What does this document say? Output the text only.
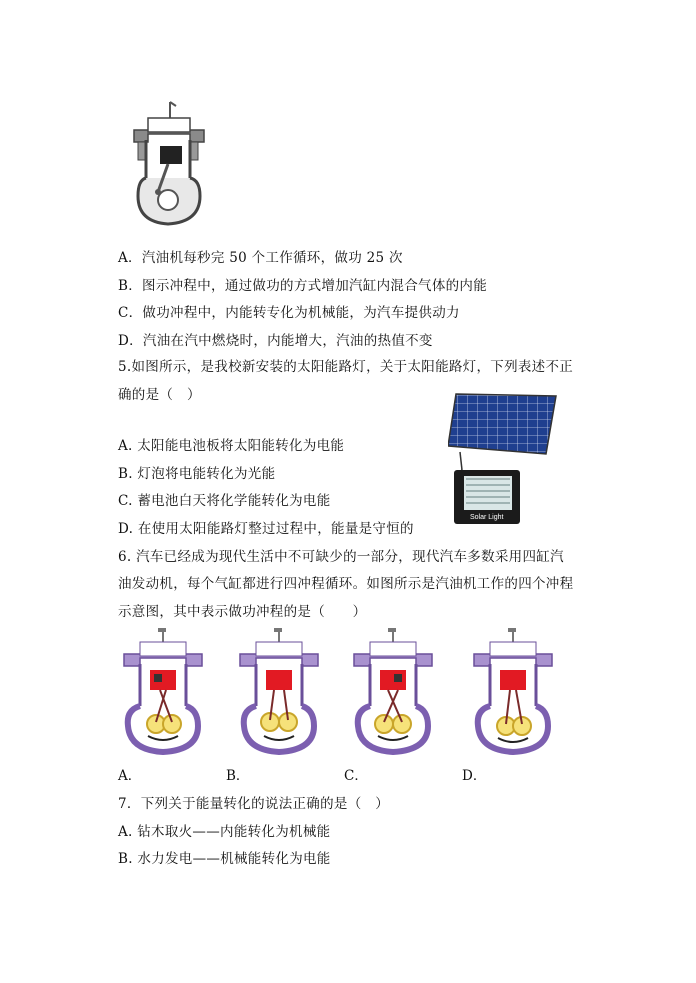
A．汽油机每秒完 50 个工作循环，做功 25 次
B．图示冲程中，通过做功的方式增加汽缸内混合气体的内能
C．做功冲程中，内能转专化为机械能，为汽车提供动力
D．汽油在汽中燃烧时，内能增大，汽油的热值不变
5.如图所示，是我校新安装的太阳能路灯，关于太阳能路灯，下列表述不正
确的是（　）
Solar Light
A. 太阳能电池板将太阳能转化为电能
B. 灯泡将电能转化为光能
C. 蓄电池白天将化学能转化为电能
D. 在使用太阳能路灯整过过程中，能量是守恒的
6. 汽车已经成为现代生活中不可缺少的一部分，现代汽车多数采用四缸汽
油发动机，每个气缸都进行四冲程循环。如图所示是汽油机工作的四个冲程
示意图，其中表示做功冲程的是（　　）
A．	B．	C．	D．
7．下列关于能量转化的说法正确的是（　）
A. 钻木取火——内能转化为机械能
B. 水力发电——机械能转化为电能
